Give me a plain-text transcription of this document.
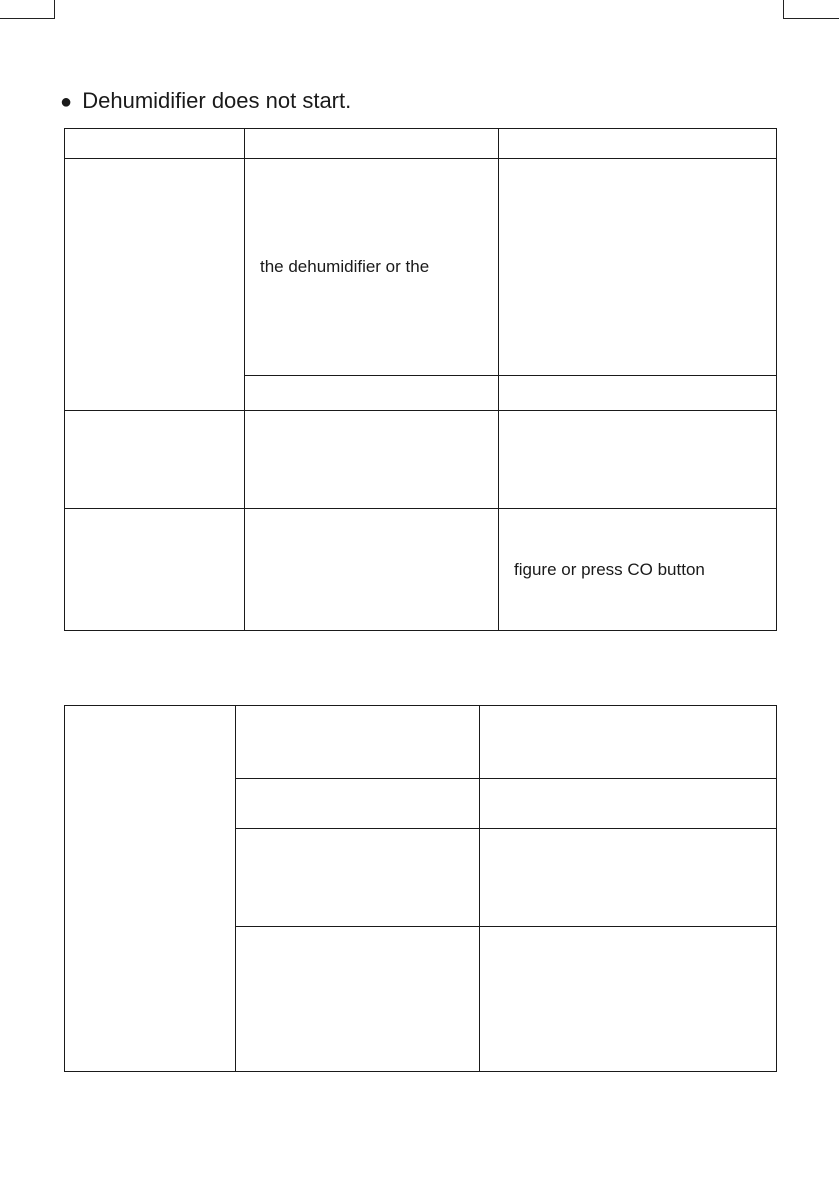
● Dehumidifier does not start.

	the dehumidifier or the	

		figure or press CO button
